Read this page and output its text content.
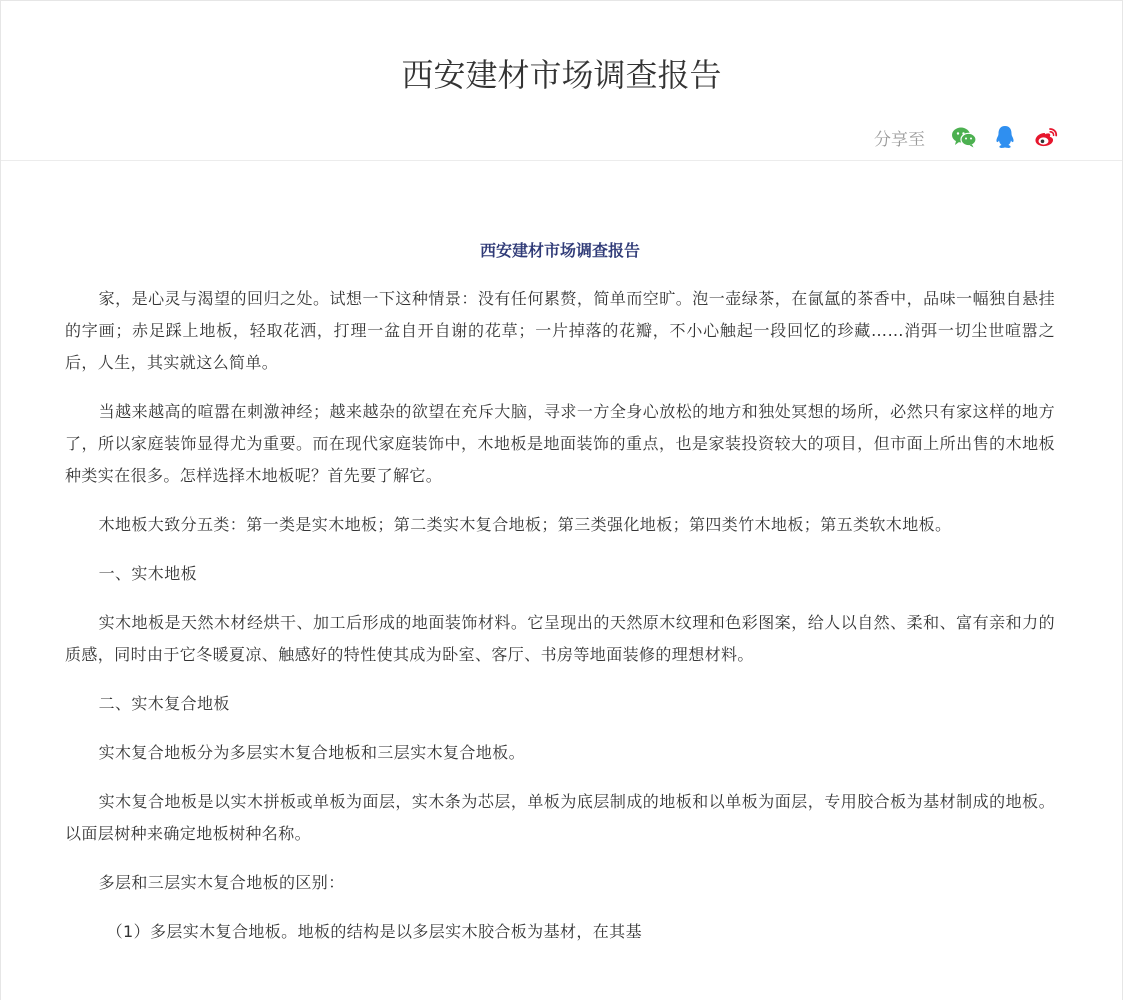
西安建材市场调查报告
分享至
西安建材市场调查报告

家，是心灵与渴望的回归之处。试想一下这种情景：没有任何累赘，简单而空旷。泡一壶绿茶，在氤氲的茶香中，品味一幅独自悬挂的字画；赤足踩上地板，轻取花洒，打理一盆自开自谢的花草；一片掉落的花瓣，不小心触起一段回忆的珍藏……消弭一切尘世喧嚣之后，人生，其实就这么简单。

当越来越高的喧嚣在刺激神经；越来越杂的欲望在充斥大脑，寻求一方全身心放松的地方和独处冥想的场所，必然只有家这样的地方了，所以家庭装饰显得尤为重要。而在现代家庭装饰中，木地板是地面装饰的重点，也是家装投资较大的项目，但市面上所出售的木地板种类实在很多。怎样选择木地板呢？首先要了解它。

木地板大致分五类：第一类是实木地板；第二类实木复合地板；第三类强化地板；第四类竹木地板；第五类软木地板。

一、实木地板

实木地板是天然木材经烘干、加工后形成的地面装饰材料。它呈现出的天然原木纹理和色彩图案，给人以自然、柔和、富有亲和力的质感，同时由于它冬暖夏凉、触感好的特性使其成为卧室、客厅、书房等地面装修的理想材料。

二、实木复合地板

实木复合地板分为多层实木复合地板和三层实木复合地板。

实木复合地板是以实木拼板或单板为面层，实木条为芯层，单板为底层制成的地板和以单板为面层，专用胶合板为基材制成的地板。以面层树种来确定地板树种名称。

多层和三层实木复合地板的区别：

（1）多层实木复合地板。地板的结构是以多层实木胶合板为基材，在其基
